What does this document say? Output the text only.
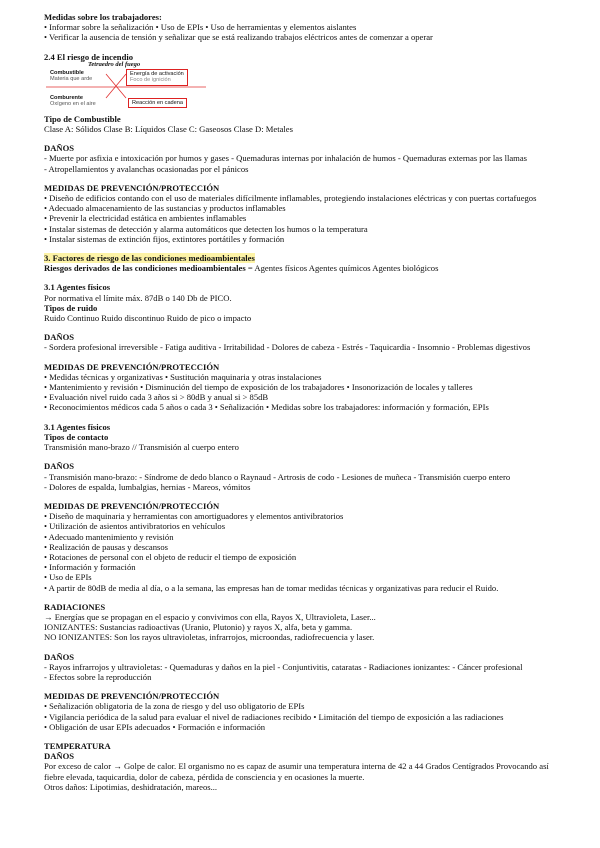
Medidas sobre los trabajadores:
• Informar sobre la señalización • Uso de EPIs • Uso de herramientas y elementos aislantes
• Verificar la ausencia de tensión y señalizar que se está realizando trabajos eléctricos antes de comenzar a operar
2.4 El riesgo de incendio
Tetraedro del fuego
Combustible
Materia que arde
Comburente
Oxígeno en el aire
Energía de activación
Foco de ignición
Reacción en cadena
Tipo de Combustible
Clase A: Sólidos Clase B: Líquidos Clase C: Gaseosos Clase D: Metales
DAÑOS
- Muerte por asfixia e intoxicación por humos y gases - Quemaduras internas por inhalación de humos - Quemaduras externas por las llamas
- Atropellamientos y avalanchas ocasionadas por el pánicos
MEDIDAS DE PREVENCIÓN/PROTECCIÓN
• Diseño de edificios contando con el uso de materiales difícilmente inflamables, protegiendo instalaciones eléctricas y con puertas cortafuegos
• Adecuado almacenamiento de las sustancias y productos inflamables
• Prevenir la electricidad estática en ambientes inflamables
• Instalar sistemas de detección y alarma automáticos que detecten los humos o la temperatura
• Instalar sistemas de extinción fijos, extintores portátiles y formación
3. Factores de riesgo de las condiciones medioambientales
Riesgos derivados de las condiciones medioambientales = Agentes físicos Agentes químicos Agentes biológicos
3.1 Agentes físicos
Por normativa el límite máx. 87dB o 140 Db de PICO.
Tipos de ruido
Ruido Continuo Ruido discontinuo Ruido de pico o impacto
DAÑOS
- Sordera profesional irreversible - Fatiga auditiva - Irritabilidad - Dolores de cabeza - Estrés - Taquicardia - Insomnio - Problemas digestivos
MEDIDAS DE PREVENCIÓN/PROTECCIÓN
• Medidas técnicas y organizativas • Sustitución maquinaria y otras instalaciones
• Mantenimiento y revisión • Disminución del tiempo de exposición de los trabajadores • Insonorización de locales y talleres
• Evaluación nivel ruido cada 3 años si > 80dB y anual si > 85dB
• Reconocimientos médicos cada 5 años o cada 3 • Señalización • Medidas sobre los trabajadores: información y formación, EPIs
3.1 Agentes físicos
Tipos de contacto
Transmisión mano-brazo // Transmisión al cuerpo entero
DAÑOS
- Transmisión mano-brazo: - Síndrome de dedo blanco o Raynaud - Artrosis de codo - Lesiones de muñeca - Transmisión cuerpo entero
- Dolores de espalda, lumbalgias, hernias - Mareos, vómitos
MEDIDAS DE PREVENCIÓN/PROTECCIÓN
• Diseño de maquinaria y herramientas con amortiguadores y elementos antivibratorios
• Utilización de asientos antivibratorios en vehículos
• Adecuado mantenimiento y revisión
• Realización de pausas y descansos
• Rotaciones de personal con el objeto de reducir el tiempo de exposición
• Información y formación
• Uso de EPIs
• A partir de 80dB de media al día, o a la semana, las empresas han de tomar medidas técnicas y organizativas para reducir el Ruido.
RADIACIONES
→ Energías que se propagan en el espacio y convivimos con ella, Rayos X, Ultravioleta, Laser...
IONIZANTES: Sustancias radioactivas (Uranio, Plutonio) y rayos X, alfa, beta y gamma.
NO IONIZANTES: Son los rayos ultravioletas, infrarrojos, microondas, radiofrecuencia y laser.
DAÑOS
- Rayos infrarrojos y ultravioletas: - Quemaduras y daños en la piel - Conjuntivitis, cataratas - Radiaciones ionizantes: - Cáncer profesional
- Efectos sobre la reproducción
MEDIDAS DE PREVENCIÓN/PROTECCIÓN
• Señalización obligatoria de la zona de riesgo y del uso obligatorio de EPIs
• Vigilancia periódica de la salud para evaluar el nivel de radiaciones recibido • Limitación del tiempo de exposición a las radiaciones
• Obligación de usar EPIs adecuados • Formación e información
TEMPERATURA
DAÑOS
Por exceso de calor → Golpe de calor. El organismo no es capaz de asumir una temperatura interna de 42 a 44 Grados Centígrados Provocando así
fiebre elevada, taquicardia, dolor de cabeza, pérdida de consciencia y en ocasiones la muerte.
Otros daños: Lipotimias, deshidratación, mareos...
